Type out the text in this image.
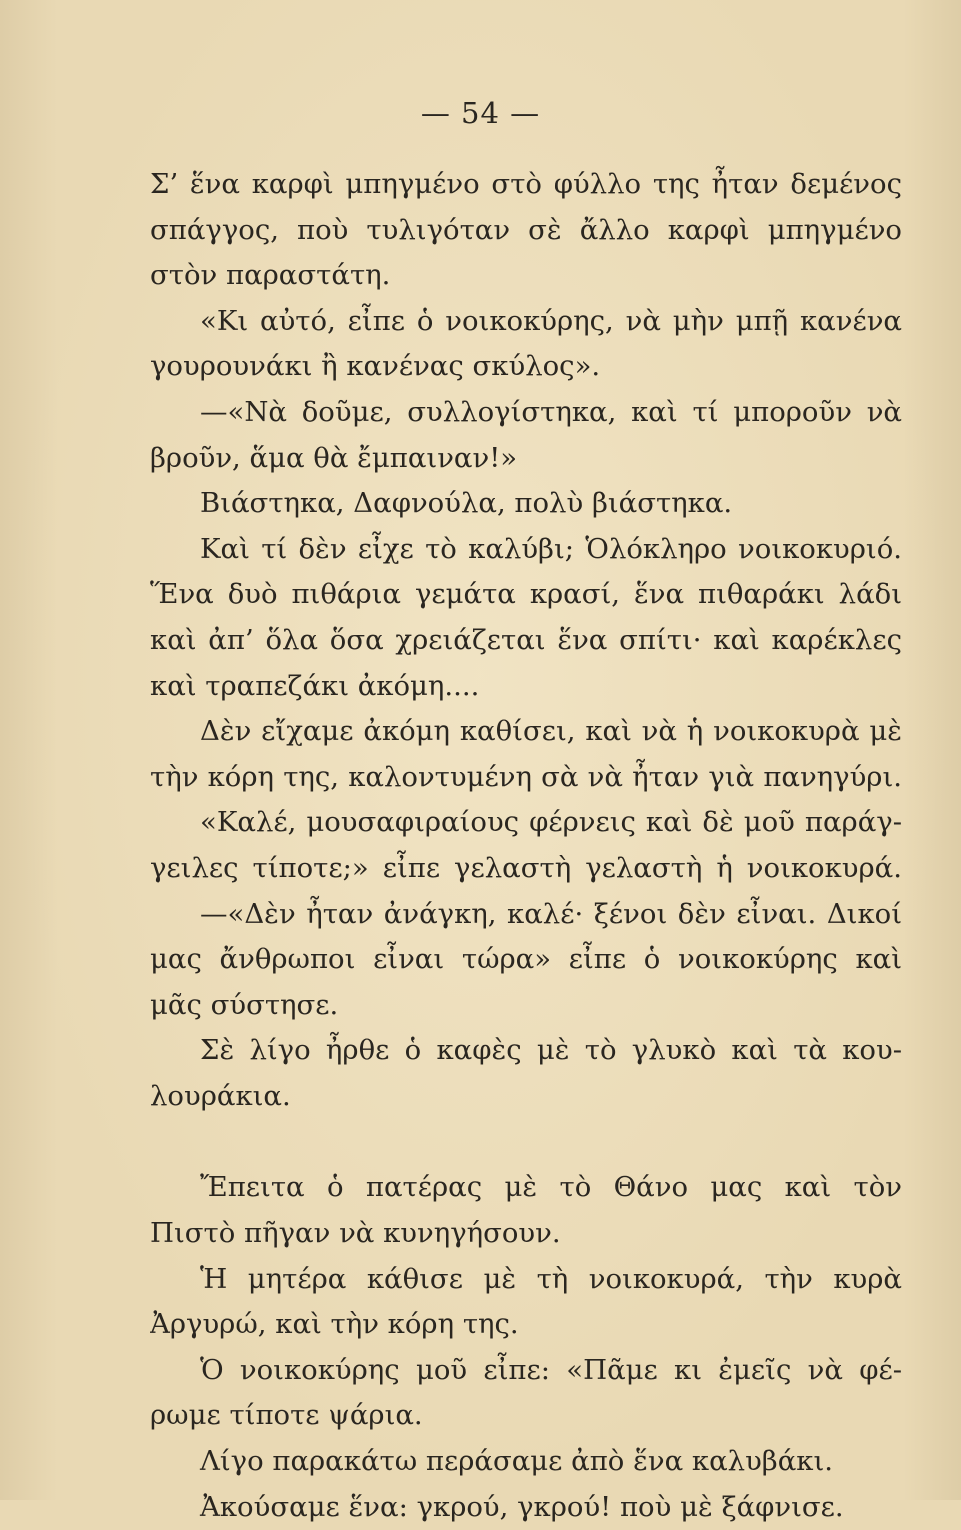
— 54 —
Σ’ ἕνα καρφὶ μπηγμένο στὸ φύλλο της ἦταν δεμένος
σπάγγος, ποὺ τυλιγόταν σὲ ἄλλο καρφὶ μπηγμένο
στὸν παραστάτη.
«Κι αὐτό, εἶπε ὁ νοικοκύρης, νὰ μὴν μπῇ κανένα
γουρουνάκι ἢ κανένας σκύλος».
—«Νὰ δοῦμε, συλλογίστηκα, καὶ τί μποροῦν νὰ
βροῦν, ἅμα θὰ ἔμπαιναν!»
Βιάστηκα, Δαφνούλα, πολὺ βιάστηκα.
Καὶ τί δὲν εἶχε τὸ καλύβι; Ὁλόκληρο νοικοκυριό.
Ἕνα δυὸ πιθάρια γεμάτα κρασί, ἕνα πιθαράκι λάδι
καὶ ἀπ’ ὅλα ὅσα χρειάζεται ἕνα σπίτι· καὶ καρέκλες
καὶ τραπεζάκι ἀκόμη....
Δὲν εἴχαμε ἀκόμη καθίσει, καὶ νὰ ἡ νοικοκυρὰ μὲ
τὴν κόρη της, καλοντυμένη σὰ νὰ ἦταν γιὰ πανηγύρι.
«Καλέ, μουσαφιραίους φέρνεις καὶ δὲ μοῦ παράγ-
γειλες τίποτε;» εἶπε γελαστὴ γελαστὴ ἡ νοικοκυρά.
—«Δὲν ἦταν ἀνάγκη, καλέ· ξένοι δὲν εἶναι. Δικοί
μας ἄνθρωποι εἶναι τώρα» εἶπε ὁ νοικοκύρης καὶ
μᾶς σύστησε.
Σὲ λίγο ἦρθε ὁ καφὲς μὲ τὸ γλυκὸ καὶ τὰ κου-
λουράκια.
Ἔπειτα ὁ πατέρας μὲ τὸ Θάνο μας καὶ τὸν
Πιστὸ πῆγαν νὰ κυνηγήσουν.
Ἡ μητέρα κάθισε μὲ τὴ νοικοκυρά, τὴν κυρὰ
Ἀργυρώ, καὶ τὴν κόρη της.
Ὁ νοικοκύρης μοῦ εἶπε: «Πᾶμε κι ἐμεῖς νὰ φέ-
ρωμε τίποτε ψάρια.
Λίγο παρακάτω περάσαμε ἀπὸ ἕνα καλυβάκι.
Ἀκούσαμε ἕνα: γκρού, γκρού! ποὺ μὲ ξάφνισε.
